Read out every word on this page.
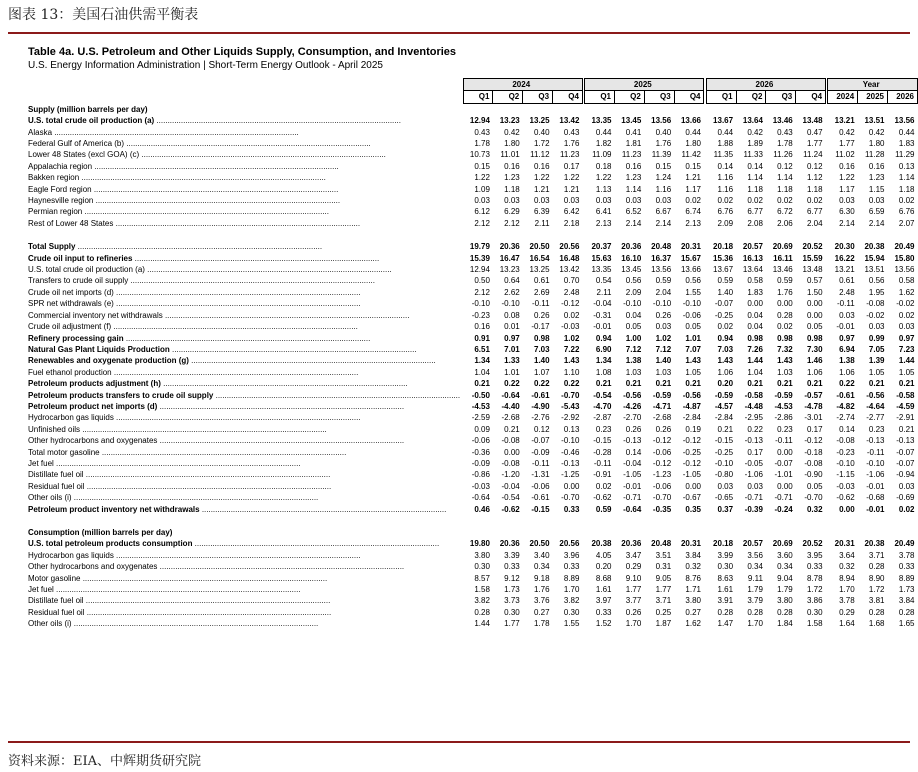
图表 13：美国石油供需平衡表
Table 4a. U.S. Petroleum and Other Liquids Supply, Consumption, and Inventories
U.S. Energy Information Administration | Short-Term Energy Outlook - April 2025
	2024					2025					2026					Year		
	Q1	Q2	Q3	Q4		Q1	Q2	Q3	Q4		Q1	Q2	Q3	Q4		2024	2025	2026
Supply (million barrels per day)																		
U.S. total crude oil production (a) ..............................................................................................................	12.94	13.23	13.25	13.42		13.35	13.45	13.56	13.66		13.67	13.64	13.46	13.48		13.21	13.51	13.56
Alaska ..............................................................................................................	0.43	0.42	0.40	0.43		0.44	0.41	0.40	0.44		0.44	0.42	0.43	0.47		0.42	0.42	0.44
Federal Gulf of America (b) ..............................................................................................................	1.78	1.80	1.72	1.76		1.82	1.81	1.76	1.80		1.88	1.89	1.78	1.77		1.77	1.80	1.83
Lower 48 States (excl GOA) (c) ..............................................................................................................	10.73	11.01	11.12	11.23		11.09	11.23	11.39	11.42		11.35	11.33	11.26	11.24		11.02	11.28	11.29
Appalachia region ..............................................................................................................	0.15	0.16	0.16	0.17		0.18	0.16	0.15	0.15		0.14	0.14	0.12	0.12		0.16	0.16	0.13
Bakken region ..............................................................................................................	1.22	1.23	1.22	1.22		1.22	1.23	1.24	1.21		1.16	1.14	1.14	1.12		1.22	1.23	1.14
Eagle Ford region ..............................................................................................................	1.09	1.18	1.21	1.21		1.13	1.14	1.16	1.17		1.16	1.18	1.18	1.18		1.17	1.15	1.18
Haynesville region ..............................................................................................................	0.03	0.03	0.03	0.03		0.03	0.03	0.03	0.02		0.02	0.02	0.02	0.02		0.03	0.03	0.02
Permian region ..............................................................................................................	6.12	6.29	6.39	6.42		6.41	6.52	6.67	6.74		6.76	6.77	6.72	6.77		6.30	6.59	6.76
Rest of Lower 48 States ..............................................................................................................	2.12	2.12	2.11	2.18		2.13	2.14	2.14	2.13		2.09	2.08	2.06	2.04		2.14	2.14	2.07

Total Supply ..............................................................................................................	19.79	20.36	20.50	20.56		20.37	20.36	20.48	20.31		20.18	20.57	20.69	20.52		20.30	20.38	20.49
Crude oil input to refineries ..............................................................................................................	15.39	16.47	16.54	16.48		15.63	16.10	16.37	15.67		15.36	16.13	16.11	15.59		16.22	15.94	15.80
U.S. total crude oil production (a) ..............................................................................................................	12.94	13.23	13.25	13.42		13.35	13.45	13.56	13.66		13.67	13.64	13.46	13.48		13.21	13.51	13.56
Transfers to crude oil supply ..............................................................................................................	0.50	0.64	0.61	0.70		0.54	0.56	0.59	0.56		0.59	0.58	0.59	0.57		0.61	0.56	0.58
Crude oil net imports (d) ..............................................................................................................	2.12	2.62	2.69	2.48		2.11	2.09	2.04	1.55		1.40	1.83	1.76	1.50		2.48	1.95	1.62
SPR net withdrawals (e) ..............................................................................................................	-0.10	-0.10	-0.11	-0.12		-0.04	-0.10	-0.10	-0.10		-0.07	0.00	0.00	0.00		-0.11	-0.08	-0.02
Commercial inventory net withdrawals ..............................................................................................................	-0.23	0.08	0.26	0.02		-0.31	0.04	0.26	-0.06		-0.25	0.04	0.28	0.00		0.03	-0.02	0.02
Crude oil adjustment (f) ..............................................................................................................	0.16	0.01	-0.17	-0.03		-0.01	0.05	0.03	0.05		0.02	0.04	0.02	0.05		-0.01	0.03	0.03
Refinery processing gain ..............................................................................................................	0.91	0.97	0.98	1.02		0.94	1.00	1.02	1.01		0.94	0.98	0.98	0.98		0.97	0.99	0.97
Natural Gas Plant Liquids Production ..............................................................................................................	6.51	7.01	7.03	7.22		6.90	7.12	7.12	7.07		7.03	7.26	7.32	7.30		6.94	7.05	7.23
Renewables and oxygenate production (g) ..............................................................................................................	1.34	1.33	1.40	1.43		1.34	1.38	1.40	1.43		1.43	1.44	1.43	1.46		1.38	1.39	1.44
Fuel ethanol production ..............................................................................................................	1.04	1.01	1.07	1.10		1.08	1.03	1.03	1.05		1.06	1.04	1.03	1.06		1.06	1.05	1.05
Petroleum products adjustment (h) ..............................................................................................................	0.21	0.22	0.22	0.22		0.21	0.21	0.21	0.21		0.20	0.21	0.21	0.21		0.22	0.21	0.21
Petroleum products transfers to crude oil supply ..............................................................................................................	-0.50	-0.64	-0.61	-0.70		-0.54	-0.56	-0.59	-0.56		-0.59	-0.58	-0.59	-0.57		-0.61	-0.56	-0.58
Petroleum product net imports (d) ..............................................................................................................	-4.53	-4.40	-4.90	-5.43		-4.70	-4.26	-4.71	-4.87		-4.57	-4.48	-4.53	-4.78		-4.82	-4.64	-4.59
Hydrocarbon gas liquids ..............................................................................................................	-2.59	-2.68	-2.76	-2.92		-2.87	-2.70	-2.68	-2.84		-2.84	-2.95	-2.86	-3.01		-2.74	-2.77	-2.91
Unfinished oils ..............................................................................................................	0.09	0.21	0.12	0.13		0.23	0.26	0.26	0.19		0.21	0.22	0.23	0.17		0.14	0.23	0.21
Other hydrocarbons and oxygenates ..............................................................................................................	-0.06	-0.08	-0.07	-0.10		-0.15	-0.13	-0.12	-0.12		-0.15	-0.13	-0.11	-0.12		-0.08	-0.13	-0.13
Total motor gasoline ..............................................................................................................	-0.36	0.00	-0.09	-0.46		-0.28	0.14	-0.06	-0.25		-0.25	0.17	0.00	-0.18		-0.23	-0.11	-0.07
Jet fuel ..............................................................................................................	-0.09	-0.08	-0.11	-0.13		-0.11	-0.04	-0.12	-0.12		-0.10	-0.05	-0.07	-0.08		-0.10	-0.10	-0.07
Distillate fuel oil ..............................................................................................................	-0.86	-1.20	-1.31	-1.25		-0.91	-1.05	-1.23	-1.05		-0.80	-1.06	-1.01	-0.90		-1.15	-1.06	-0.94
Residual fuel oil ..............................................................................................................	-0.03	-0.04	-0.06	0.00		0.02	-0.01	-0.06	0.00		0.03	0.03	0.00	0.05		-0.03	-0.01	0.03
Other oils (i) ..............................................................................................................	-0.64	-0.54	-0.61	-0.70		-0.62	-0.71	-0.70	-0.67		-0.65	-0.71	-0.71	-0.70		-0.62	-0.68	-0.69
Petroleum product inventory net withdrawals ..............................................................................................................	0.46	-0.62	-0.15	0.33		0.59	-0.64	-0.35	0.35		0.37	-0.39	-0.24	0.32		0.00	-0.01	0.02

Consumption (million barrels per day)																		
U.S. total petroleum products consumption ..............................................................................................................	19.80	20.36	20.50	20.56		20.38	20.36	20.48	20.31		20.18	20.57	20.69	20.52		20.31	20.38	20.49
Hydrocarbon gas liquids ..............................................................................................................	3.80	3.39	3.40	3.96		4.05	3.47	3.51	3.84		3.99	3.56	3.60	3.95		3.64	3.71	3.78
Other hydrocarbons and oxygenates ..............................................................................................................	0.30	0.33	0.34	0.33		0.20	0.29	0.31	0.32		0.30	0.34	0.34	0.33		0.32	0.28	0.33
Motor gasoline ..............................................................................................................	8.57	9.12	9.18	8.89		8.68	9.10	9.05	8.76		8.63	9.11	9.04	8.78		8.94	8.90	8.89
Jet fuel ..............................................................................................................	1.58	1.73	1.76	1.70		1.61	1.77	1.77	1.71		1.61	1.79	1.79	1.72		1.70	1.72	1.73
Distillate fuel oil ..............................................................................................................	3.82	3.73	3.76	3.82		3.97	3.77	3.71	3.80		3.91	3.79	3.80	3.86		3.78	3.81	3.84
Residual fuel oil ..............................................................................................................	0.28	0.30	0.27	0.30		0.33	0.26	0.25	0.27		0.28	0.28	0.28	0.30		0.29	0.28	0.28
Other oils (i) ..............................................................................................................	1.44	1.77	1.78	1.55		1.52	1.70	1.87	1.62		1.47	1.70	1.84	1.58		1.64	1.68	1.65
资料来源：EIA、中辉期货研究院
